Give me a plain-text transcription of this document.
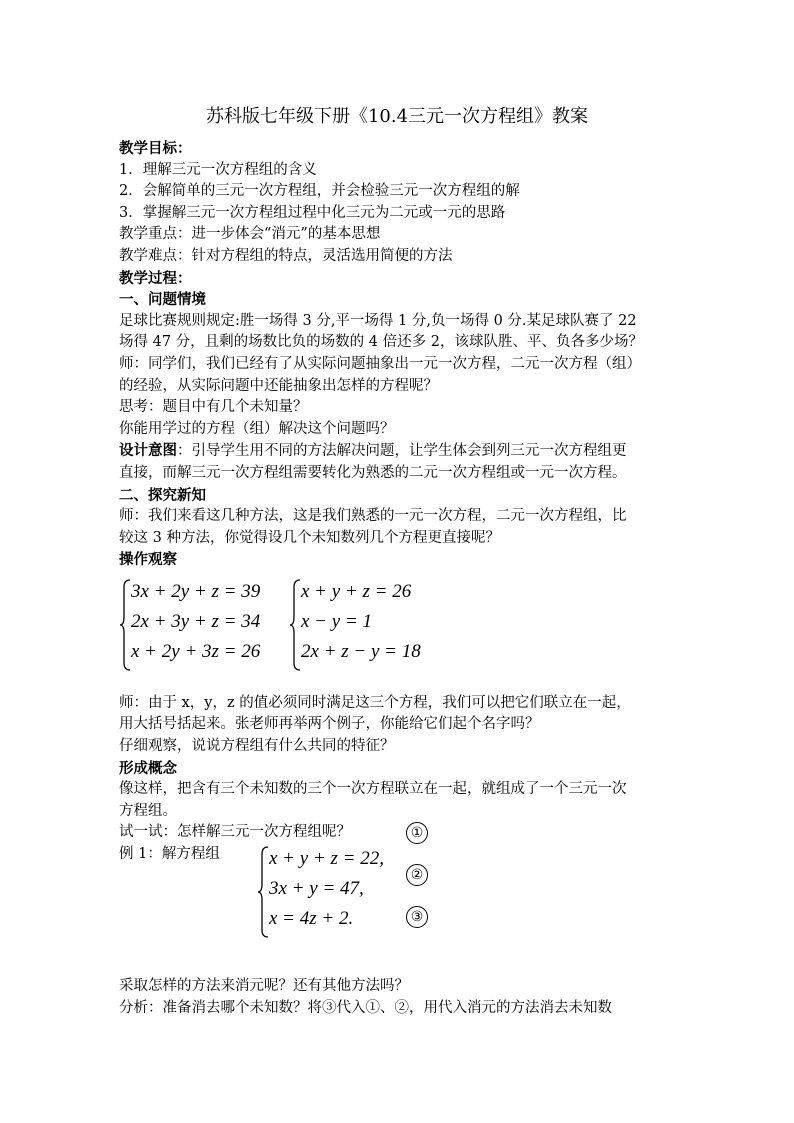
苏科版七年级下册《10.4三元一次方程组》教案

教学目标：

1．理解三元一次方程组的含义

2．会解简单的三元一次方程组，并会检验三元一次方程组的解

3．掌握解三元一次方程组过程中化三元为二元或一元的思路

教学重点：进一步体会“消元”的基本思想

教学难点：针对方程组的特点，灵活选用简便的方法

教学过程：

一、问题情境

足球比赛规则规定:胜一场得 3 分,平一场得 1 分,负一场得 0 分.某足球队赛了 22

场得 47 分，且剩的场数比负的场数的 4 倍还多 2，该球队胜、平、负各多少场？

师：同学们，我们已经有了从实际问题抽象出一元一次方程，二元一次方程（组）

的经验，从实际问题中还能抽象出怎样的方程呢？

思考：题目中有几个未知量？

你能用学过的方程（组）解决这个问题吗？

设计意图：引导学生用不同的方法解决问题，让学生体会到列三元一次方程组更

直接，而解三元一次方程组需要转化为熟悉的二元一次方程组或一元一次方程。

二、探究新知

师：我们来看这几种方法，这是我们熟悉的一元一次方程，二元一次方程组，比

较这 3 种方法，你觉得设几个未知数列几个方程更直接呢？

操作观察

3x + 2y + z = 39
2x + 3y + z = 34
x + 2y + 3z = 26
x + y + z = 26
x − y = 1
2x + z − y = 18

师：由于 x，y，z 的值必须同时满足这三个方程，我们可以把它们联立在一起，

用大括号括起来。张老师再举两个例子，你能给它们起个名字吗？

仔细观察，说说方程组有什么共同的特征？

形成概念

像这样，把含有三个未知数的三个一次方程联立在一起，就组成了一个三元一次

方程组。

试一试：怎样解三元一次方程组呢？

例 1：解方程组	x + y + z = 22,
3x + y = 47,
x = 4z + 2.
①
②
③

采取怎样的方法来消元呢？还有其他方法吗？

分析：准备消去哪个未知数？将③代入①、②，用代入消元的方法消去未知数
